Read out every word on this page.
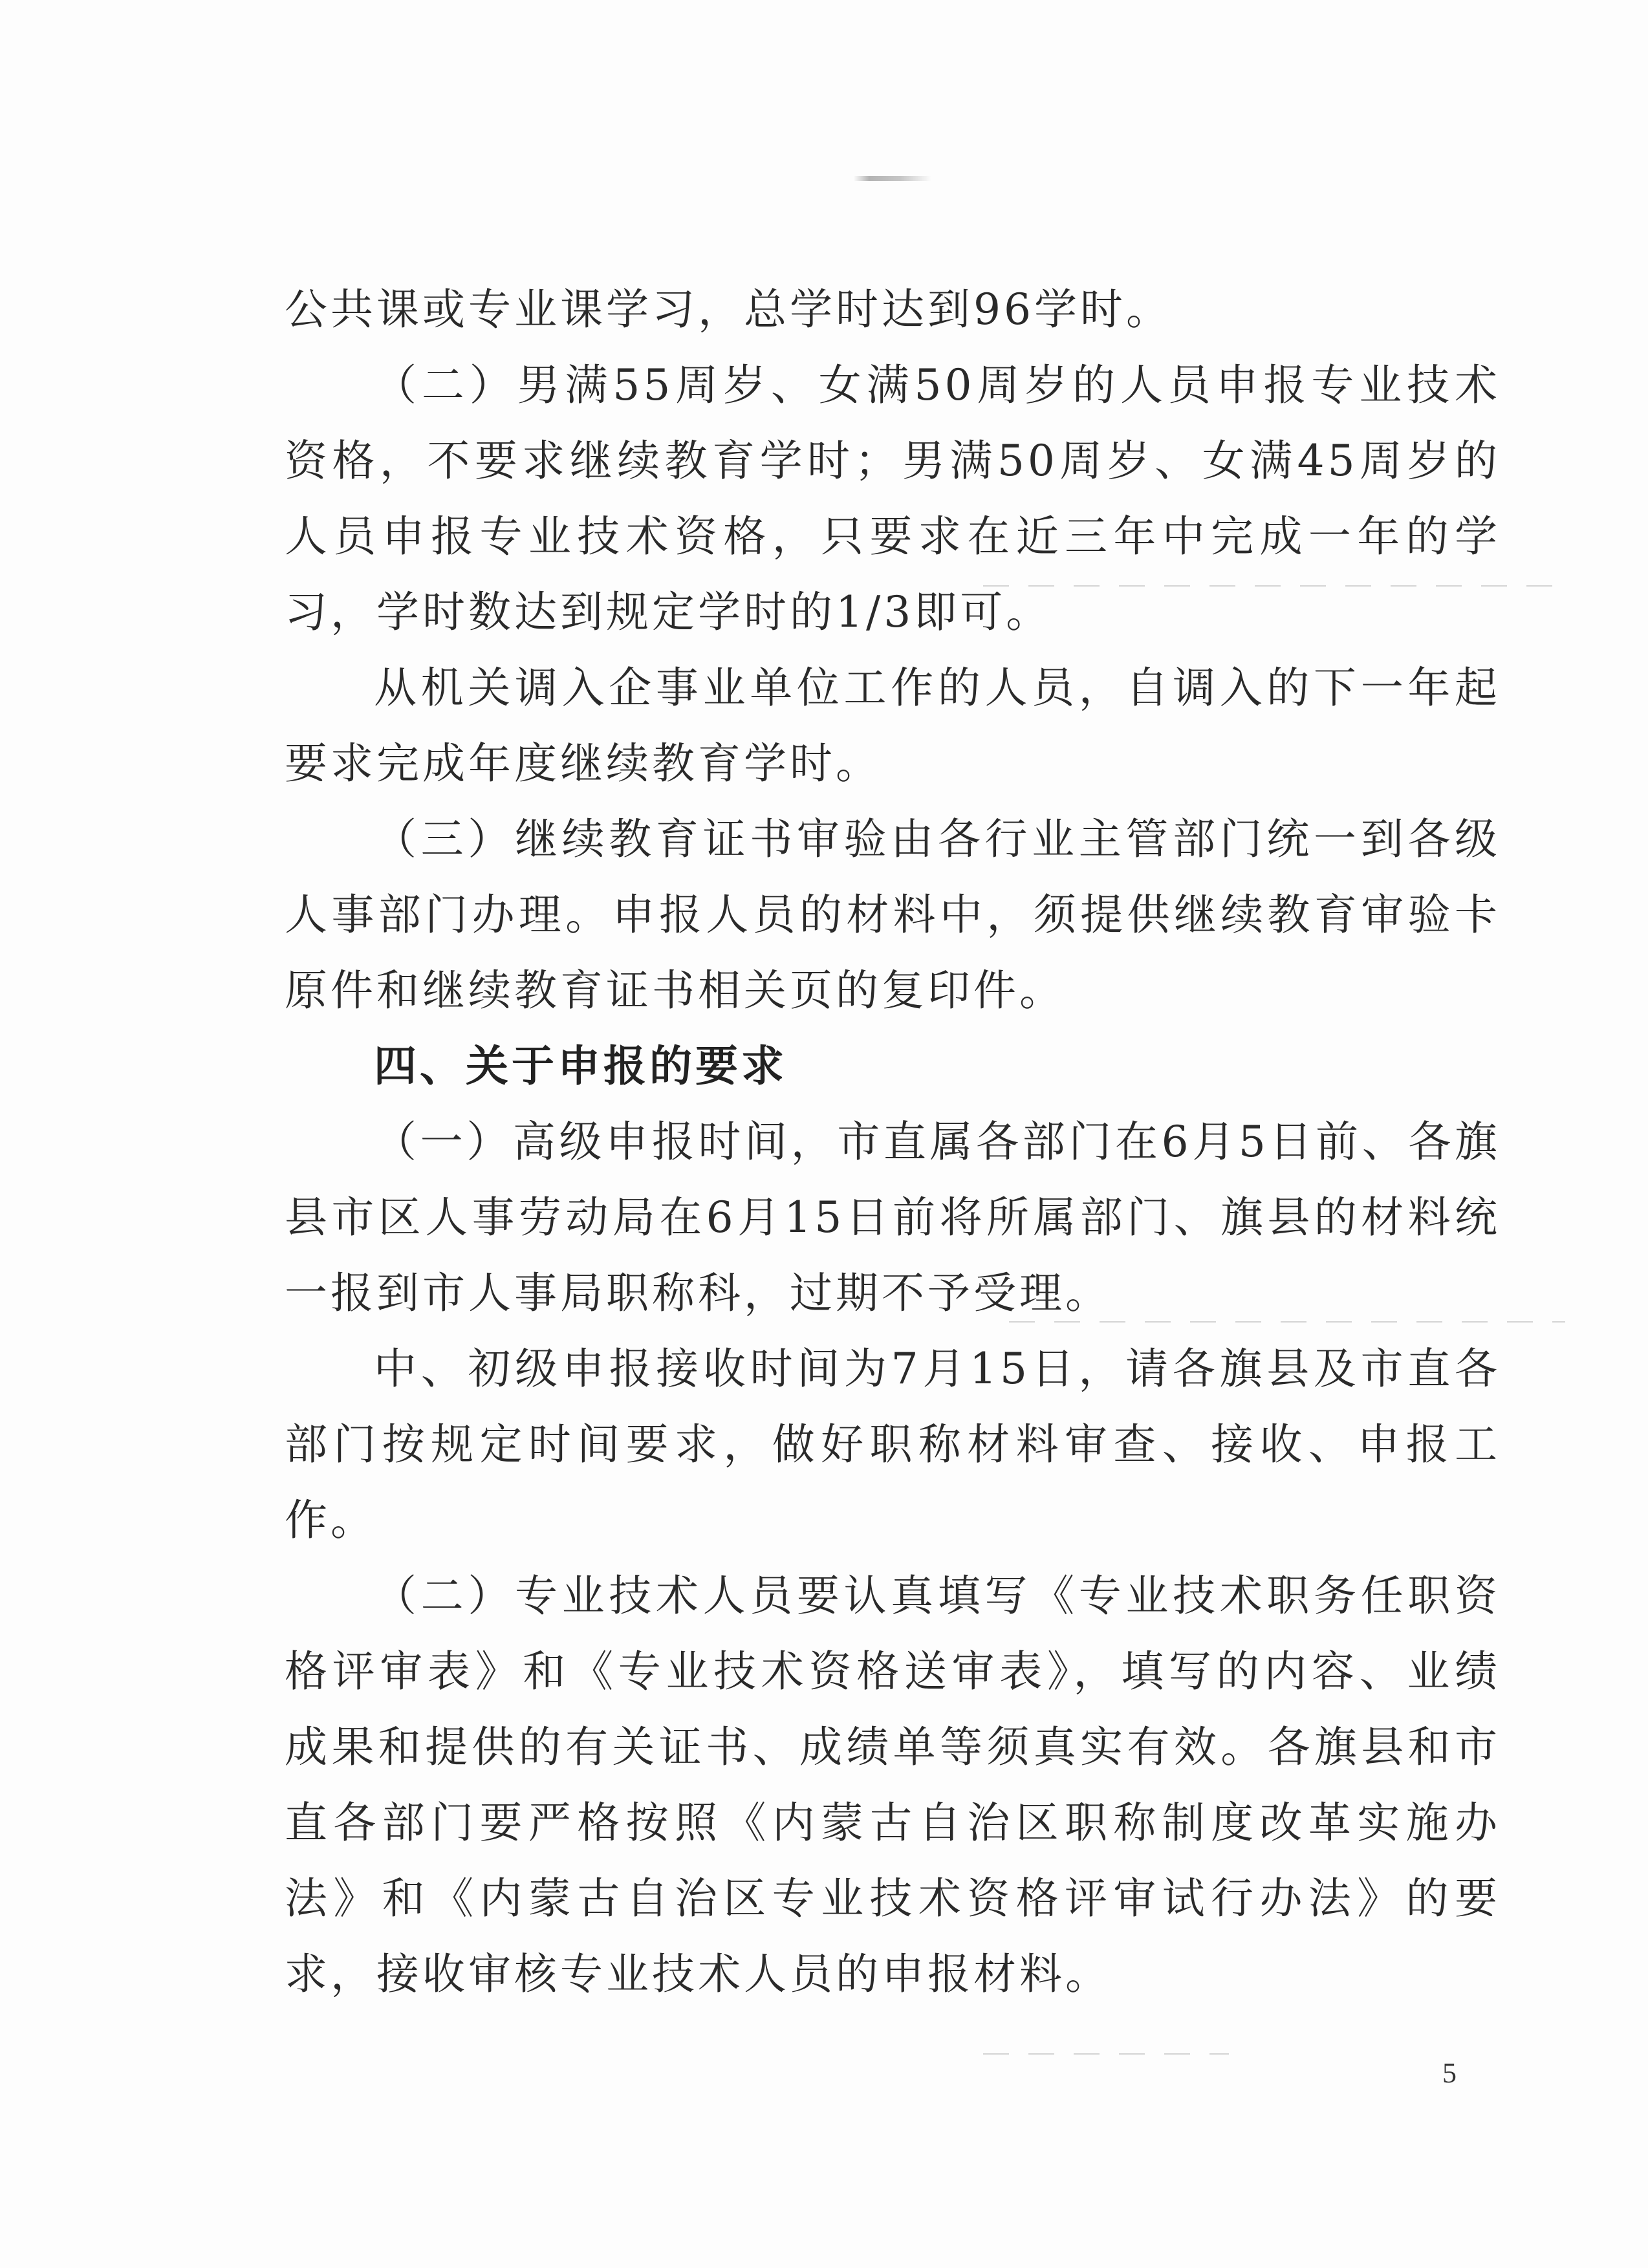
公共课或专业课学习，总学时达到96学时。

（二）男满55周岁、女满50周岁的人员申报专业技术资格，不要求继续教育学时；男满50周岁、女满45周岁的人员申报专业技术资格，只要求在近三年中完成一年的学习，学时数达到规定学时的1/3即可。

从机关调入企事业单位工作的人员，自调入的下一年起要求完成年度继续教育学时。

（三）继续教育证书审验由各行业主管部门统一到各级人事部门办理。申报人员的材料中，须提供继续教育审验卡原件和继续教育证书相关页的复印件。

四、关于申报的要求

（一）高级申报时间，市直属各部门在6月5日前、各旗县市区人事劳动局在6月15日前将所属部门、旗县的材料统一报到市人事局职称科，过期不予受理。

中、初级申报接收时间为7月15日，请各旗县及市直各部门按规定时间要求，做好职称材料审查、接收、申报工作。

（二）专业技术人员要认真填写《专业技术职务任职资格评审表》和《专业技术资格送审表》，填写的内容、业绩成果和提供的有关证书、成绩单等须真实有效。各旗县和市直各部门要严格按照《内蒙古自治区职称制度改革实施办法》和《内蒙古自治区专业技术资格评审试行办法》的要求，接收审核专业技术人员的申报材料。

5
